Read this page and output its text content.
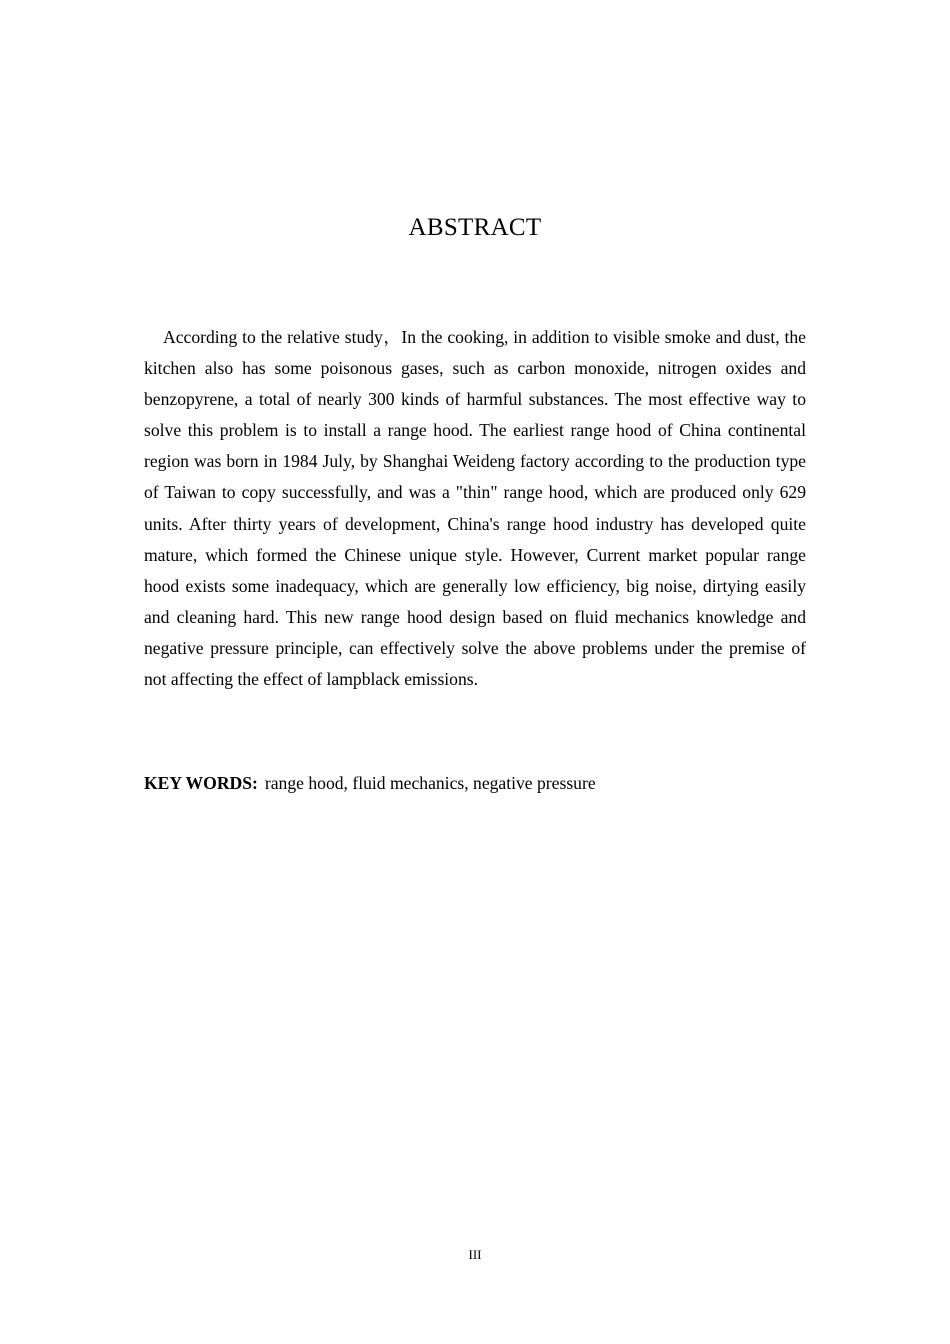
ABSTRACT

According to the relative study，In the cooking, in addition to visible smoke and dust, the kitchen also has some poisonous gases, such as carbon monoxide, nitrogen oxides and benzopyrene, a total of nearly 300 kinds of harmful substances. The most effective way to solve this problem is to install a range hood. The earliest range hood of China continental region was born in 1984 July, by Shanghai Weideng factory according to the production type of Taiwan to copy successfully, and was a "thin" range hood, which are produced only 629 units. After thirty years of development, China's range hood industry has developed quite mature, which formed the Chinese unique style. However, Current market popular range hood exists some inadequacy, which are generally low efficiency, big noise, dirtying easily and cleaning hard. This new range hood design based on fluid mechanics knowledge and negative pressure principle, can effectively solve the above problems under the premise of not affecting the effect of lampblack emissions.

KEY WORDS: range hood, fluid mechanics, negative pressure

III
